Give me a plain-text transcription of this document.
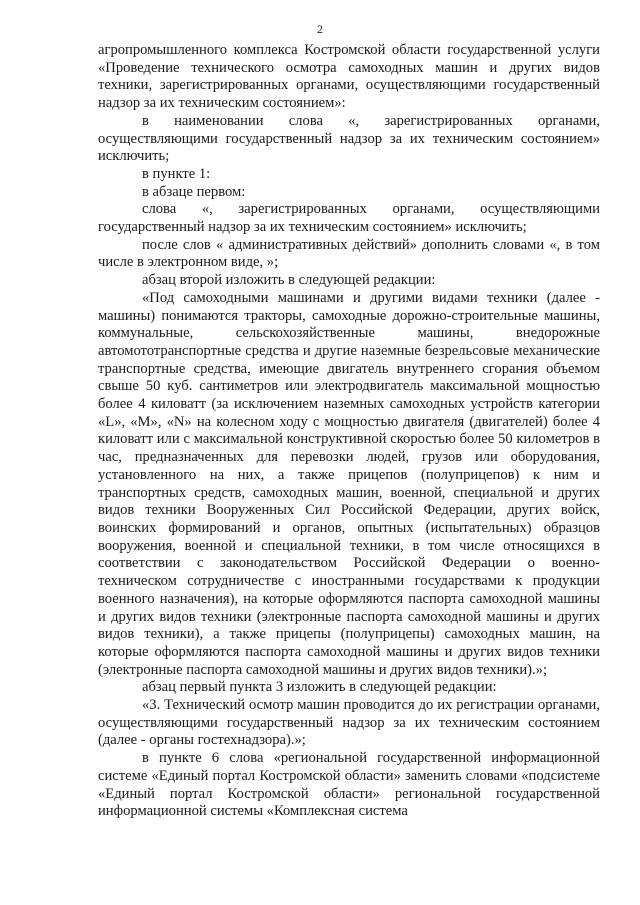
2

агропромышленного комплекса Костромской области государственной услуги «Проведение технического осмотра самоходных машин и других видов техники, зарегистрированных органами, осуществляющими государственный надзор за их техническим состоянием»:

в наименовании слова «, зарегистрированных органами, осуществляющими государственный надзор за их техническим состоянием» исключить;

в пункте 1:

в абзаце первом:

слова «, зарегистрированных органами, осуществляющими государственный надзор за их техническим состоянием» исключить;

после слов « административных действий» дополнить словами «, в том числе в электронном виде, »;

абзац второй изложить в следующей редакции:

«Под самоходными машинами и другими видами техники (далее - машины) понимаются тракторы, самоходные дорожно-строительные машины, коммунальные, сельскохозяйственные машины, внедорожные автомототранспортные средства и другие наземные безрельсовые механические транспортные средства, имеющие двигатель внутреннего сгорания объемом свыше 50 куб. сантиметров или электродвигатель максимальной мощностью более 4 киловатт (за исключением наземных самоходных устройств категории «L», «M», «N» на колесном ходу с мощностью двигателя (двигателей) более 4 киловатт или с максимальной конструктивной скоростью более 50 километров в час, предназначенных для перевозки людей, грузов или оборудования, установленного на них, а также прицепов (полуприцепов) к ним и транспортных средств, самоходных машин, военной, специальной и других видов техники Вооруженных Сил Российской Федерации, других войск, воинских формирований и органов, опытных (испытательных) образцов вооружения, военной и специальной техники, в том числе относящихся в соответствии с законодательством Российской Федерации о военно-техническом сотрудничестве с иностранными государствами к продукции военного назначения), на которые оформляются паспорта самоходной машины и других видов техники (электронные паспорта самоходной машины и других видов техники), а также прицепы (полуприцепы) самоходных машин, на которые оформляются паспорта самоходной машины и других видов техники (электронные паспорта самоходной машины и других видов техники).»;

абзац первый пункта 3 изложить в следующей редакции:

«3. Технический осмотр машин проводится до их регистрации органами, осуществляющими государственный надзор за их техническим состоянием (далее - органы гостехнадзора).»;

в пункте 6 слова «региональной государственной информационной системе «Единый портал Костромской области» заменить словами «подсистеме «Единый портал Костромской области» региональной государственной информационной системы «Комплексная система
